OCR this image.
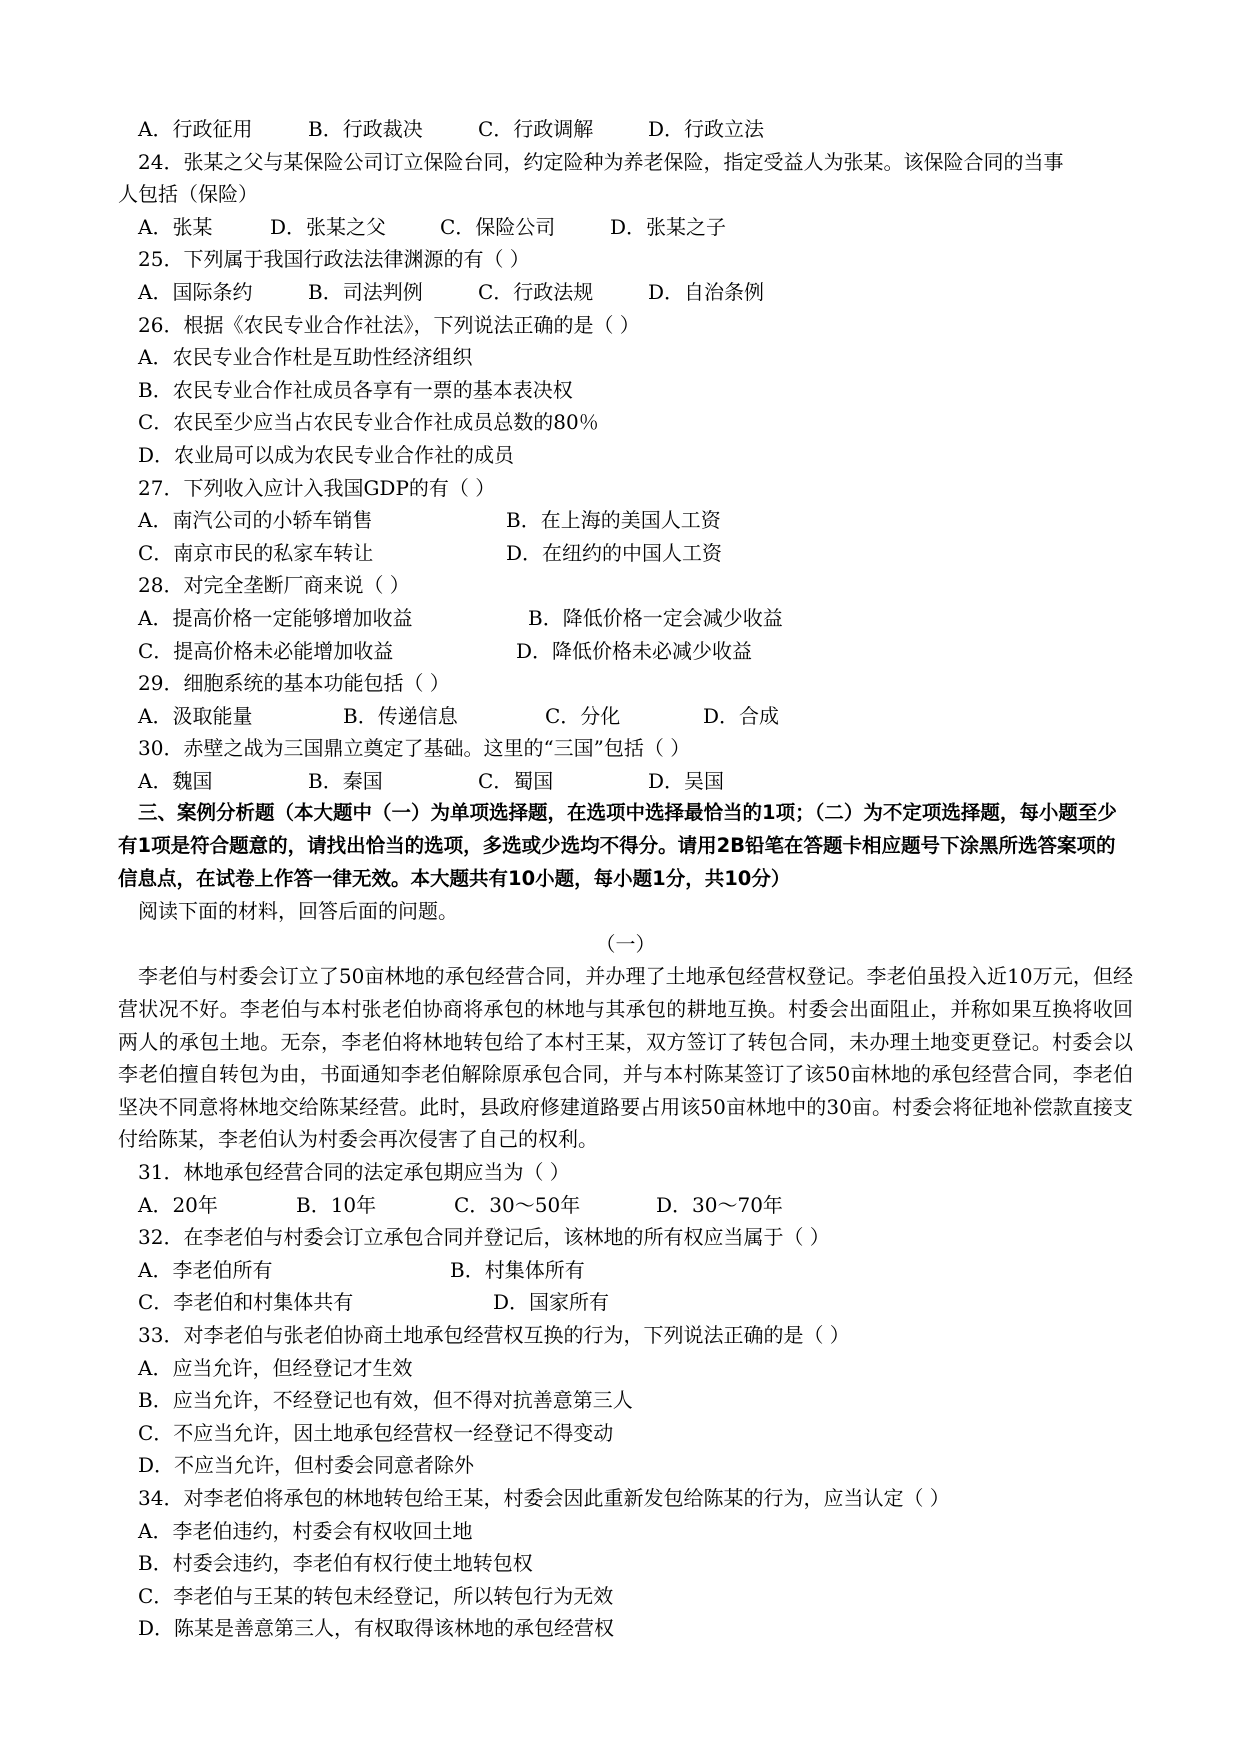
A．行政征用	B．行政裁决	C．行政调解	D．行政立法
24．张某之父与某保险公司订立保险台同，约定险种为养老保险，指定受益人为张某。该保险合同的当事
人包括（保险）
A．张某	D．张某之父	C．保险公司	D．张某之子
25．下列属于我国行政法法律渊源的有（ ）
A．国际条约	B．司法判例	C．行政法规	D．自治条例
26．根据《农民专业合作社法》，下列说法正确的是（ ）
A．农民专业合作杜是互助性经济组织
B．农民专业合作社成员各享有一票的基本表决权
C．农民至少应当占农民专业合作社成员总数的80％
D．农业局可以成为农民专业合作社的成员
27．下列收入应计入我国GDP的有（ ）
A．南汽公司的小轿车销售	B．在上海的美国人工资
C．南京市民的私家车转让	D．在纽约的中国人工资
28．对完全垄断厂商来说（ ）
A．提高价格一定能够增加收益	B．降低价格一定会减少收益
C．提高价格未必能增加收益	D．降低价格未必减少收益
29．细胞系统的基本功能包括（ ）
A．汲取能量	B．传递信息	C．分化	D．合成
30．赤壁之战为三国鼎立奠定了基础。这里的“三国”包括（ ）
A．魏国	B．秦国	C．蜀国	D．吴国
三、案例分析题（本大题中（一）为单项选择题，在选项中选择最恰当的1项；（二）为不定项选择题，每小题至少有1项是符合题意的，请找出恰当的选项，多选或少选均不得分。请用2B铅笔在答题卡相应题号下涂黑所选答案项的信息点，在试卷上作答一律无效。本大题共有10小题，每小题1分，共10分）
阅读下面的材料，回答后面的问题。
（一）
李老伯与村委会订立了50亩林地的承包经营合同，并办理了土地承包经营权登记。李老伯虽投入近10万元，但经营状况不好。李老伯与本村张老伯协商将承包的林地与其承包的耕地互换。村委会出面阻止，并称如果互换将收回两人的承包土地。无奈，李老伯将林地转包给了本村王某，双方签订了转包合同，未办理土地变更登记。村委会以李老伯擅自转包为由，书面通知李老伯解除原承包合同，并与本村陈某签订了该50亩林地的承包经营合同，李老伯坚决不同意将林地交给陈某经营。此时，县政府修建道路要占用该50亩林地中的30亩。村委会将征地补偿款直接支付给陈某，李老伯认为村委会再次侵害了自己的权利。
31．林地承包经营合同的法定承包期应当为（ ）
A．20年	B．10年	C．30～50年	D．30～70年
32．在李老伯与村委会订立承包合同并登记后，该林地的所有权应当属于（ ）
A．李老伯所有	B．村集体所有
C．李老伯和村集体共有	D．国家所有
33．对李老伯与张老伯协商土地承包经营权互换的行为，下列说法正确的是（ ）
A．应当允许，但经登记才生效
B．应当允许，不经登记也有效，但不得对抗善意第三人
C．不应当允许，因土地承包经营权一经登记不得变动
D．不应当允许，但村委会同意者除外
34．对李老伯将承包的林地转包给王某，村委会因此重新发包给陈某的行为，应当认定（ ）
A．李老伯违约，村委会有权收回土地
B．村委会违约，李老伯有权行使土地转包权
C．李老伯与王某的转包未经登记，所以转包行为无效
D．陈某是善意第三人，有权取得该林地的承包经营权
